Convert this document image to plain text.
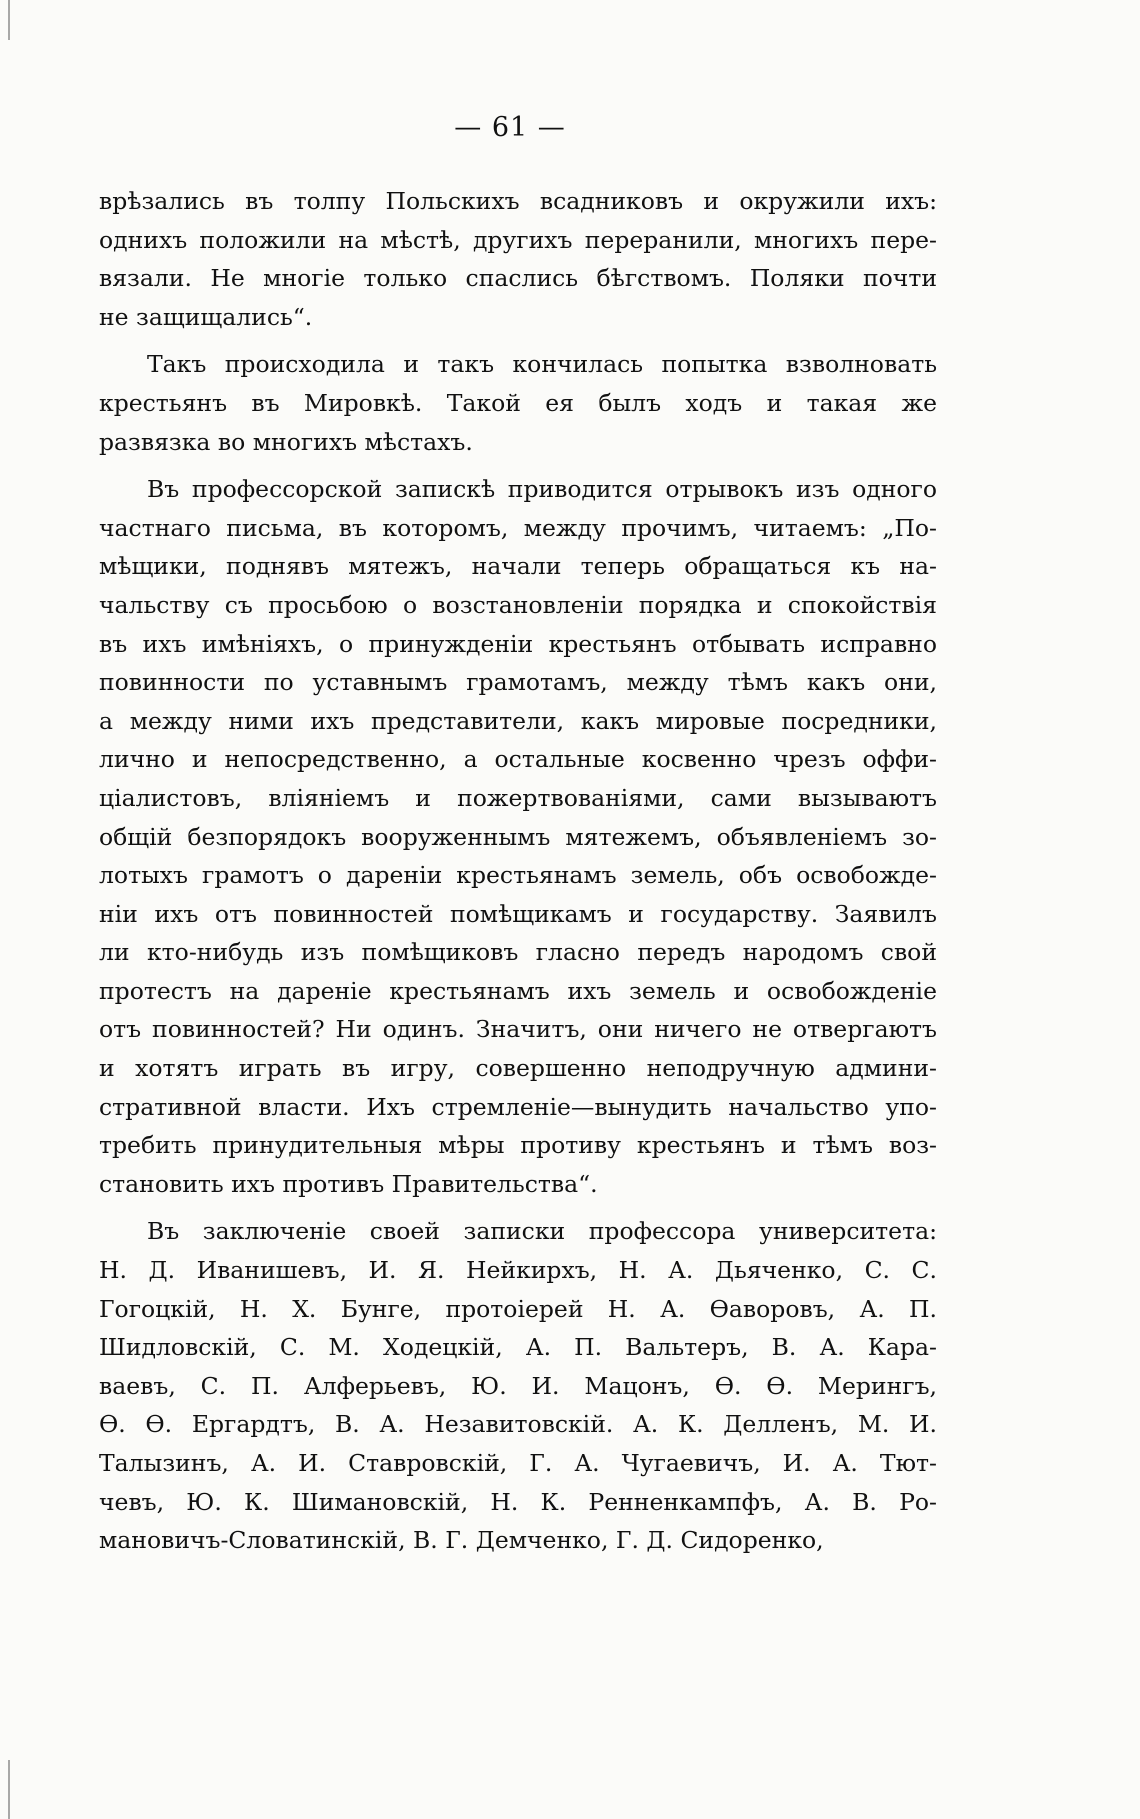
— 61 —
врѣзались въ толпу Польскихъ всадниковъ и окружили ихъ:
однихъ положили на мѣстѣ, другихъ переранили, многихъ пере-
вязали. Не многіе только спаслись бѣгствомъ. Поляки почти
не защищались“.
Такъ происходила и такъ кончилась попытка взволновать
крестьянъ въ Мировкѣ. Такой ея былъ ходъ и такая же
развязка во многихъ мѣстахъ.
Въ профессорской запискѣ приводится отрывокъ изъ одного
частнаго письма, въ которомъ, между прочимъ, читаемъ: „По-
мѣщики, поднявъ мятежъ, начали теперь обращаться къ на-
чальству съ просьбою о возстановленіи порядка и спокойствія
въ ихъ имѣніяхъ, о принужденіи крестьянъ отбывать исправно
повинности по уставнымъ грамотамъ, между тѣмъ какъ они,
а между ними ихъ представители, какъ мировые посредники,
лично и непосредственно, а остальные косвенно чрезъ оффи-
ціалистовъ, вліяніемъ и пожертвованіями, сами вызываютъ
общій безпорядокъ вооруженнымъ мятежемъ, объявленіемъ зо-
лотыхъ грамотъ о дареніи крестьянамъ земель, объ освобожде-
ніи ихъ отъ повинностей помѣщикамъ и государству. Заявилъ
ли кто-нибудь изъ помѣщиковъ гласно передъ народомъ свой
протестъ на дареніе крестьянамъ ихъ земель и освобожденіе
отъ повинностей? Ни одинъ. Значитъ, они ничего не отвергаютъ
и хотятъ играть въ игру, совершенно неподручную админи-
стративной власти. Ихъ стремленіе—вынудить начальство упо-
требить принудительныя мѣры противу крестьянъ и тѣмъ воз-
становить ихъ противъ Правительства“.
Въ заключеніе своей записки профессора университета:
Н. Д. Иванишевъ, И. Я. Нейкирхъ, Н. А. Дьяченко, С. С.
Гогоцкій, Н. Х. Бунге, протоіерей Н. А. Ѳаворовъ, А. П.
Шидловскій, С. М. Ходецкій, А. П. Вальтеръ, В. А. Кара-
ваевъ, С. П. Алферьевъ, Ю. И. Мацонъ, Ѳ. Ѳ. Мерингъ,
Ѳ. Ѳ. Ергардтъ, В. А. Незавитовскій. А. К. Делленъ, М. И.
Талызинъ, А. И. Ставровскій, Г. А. Чугаевичъ, И. А. Тют-
чевъ, Ю. К. Шимановскій, Н. К. Ренненкампфъ, А. В. Ро-
мановичъ-Словатинскій, В. Г. Демченко, Г. Д. Сидоренко,
